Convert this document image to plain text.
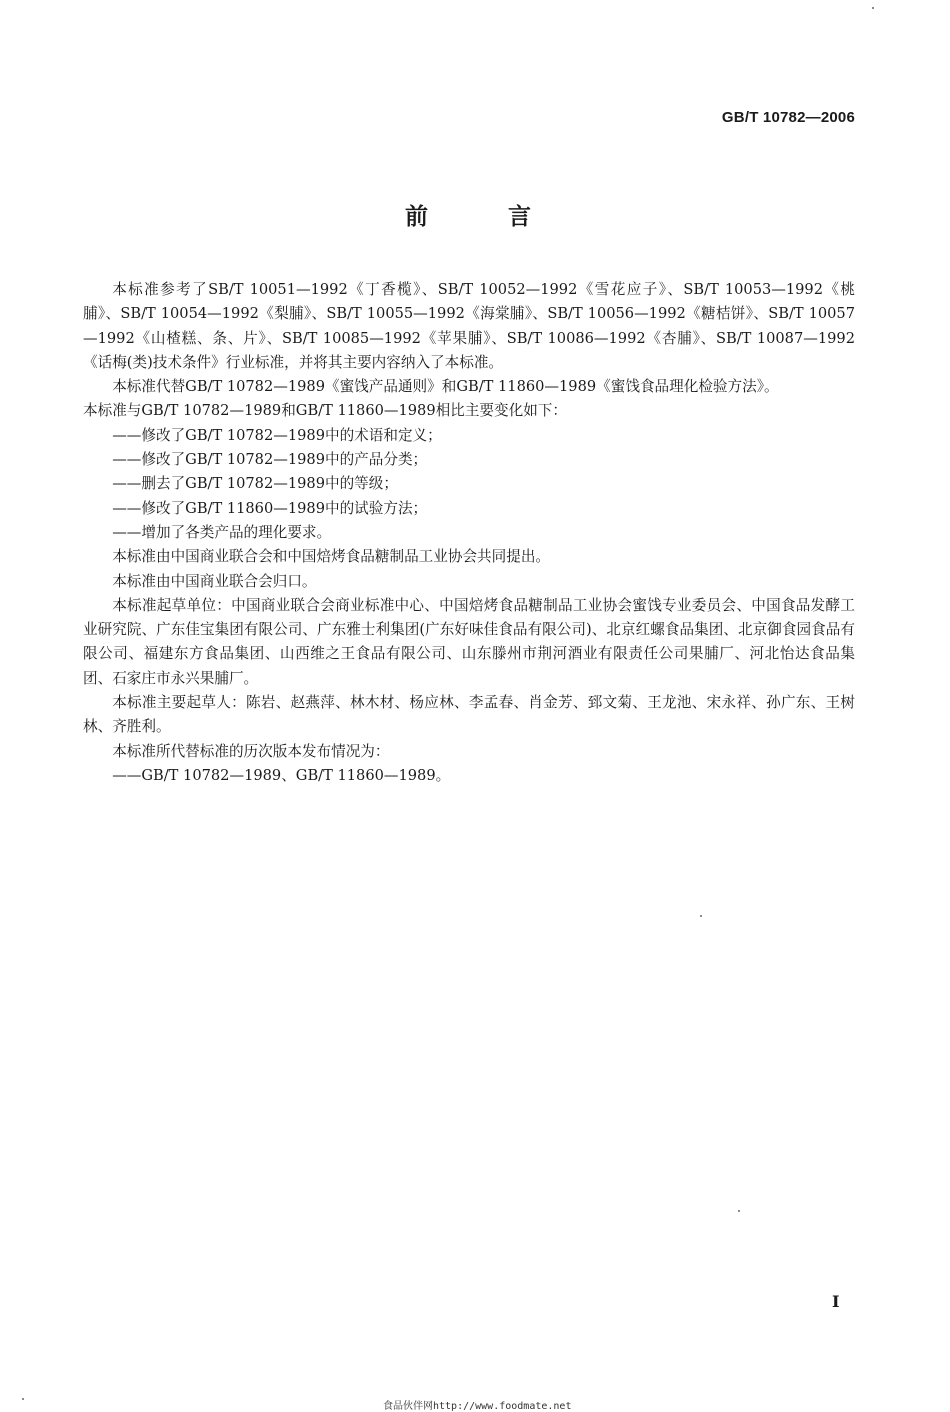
GB/T 10782—2006
前 言

本标准参考了SB/T 10051—1992《丁香榄》、SB/T 10052—1992《雪花应子》、SB/T 10053—1992《桃脯》、SB/T 10054—1992《梨脯》、SB/T 10055—1992《海棠脯》、SB/T 10056—1992《糖桔饼》、SB/T 10057—1992《山楂糕、条、片》、SB/T 10085—1992《苹果脯》、SB/T 10086—1992《杏脯》、SB/T 10087—1992《话梅(类)技术条件》行业标准，并将其主要内容纳入了本标准。

本标准代替GB/T 10782—1989《蜜饯产品通则》和GB/T 11860—1989《蜜饯食品理化检验方法》。

本标准与GB/T 10782—1989和GB/T 11860—1989相比主要变化如下：

——修改了GB/T 10782—1989中的术语和定义；

——修改了GB/T 10782—1989中的产品分类；

——删去了GB/T 10782—1989中的等级；

——修改了GB/T 11860—1989中的试验方法；

——增加了各类产品的理化要求。

本标准由中国商业联合会和中国焙烤食品糖制品工业协会共同提出。

本标准由中国商业联合会归口。

本标准起草单位：中国商业联合会商业标准中心、中国焙烤食品糖制品工业协会蜜饯专业委员会、中国食品发酵工业研究院、广东佳宝集团有限公司、广东雅士利集团(广东好味佳食品有限公司)、北京红螺食品集团、北京御食园食品有限公司、福建东方食品集团、山西维之王食品有限公司、山东滕州市荆河酒业有限责任公司果脯厂、河北怡达食品集团、石家庄市永兴果脯厂。

本标准主要起草人：陈岩、赵燕萍、林木材、杨应林、李孟春、肖金芳、郅文菊、王龙池、宋永祥、孙广东、王树林、齐胜利。

本标准所代替标准的历次版本发布情况为：

——GB/T 10782—1989、GB/T 11860—1989。

I
食品伙伴网http://www.foodmate.net
